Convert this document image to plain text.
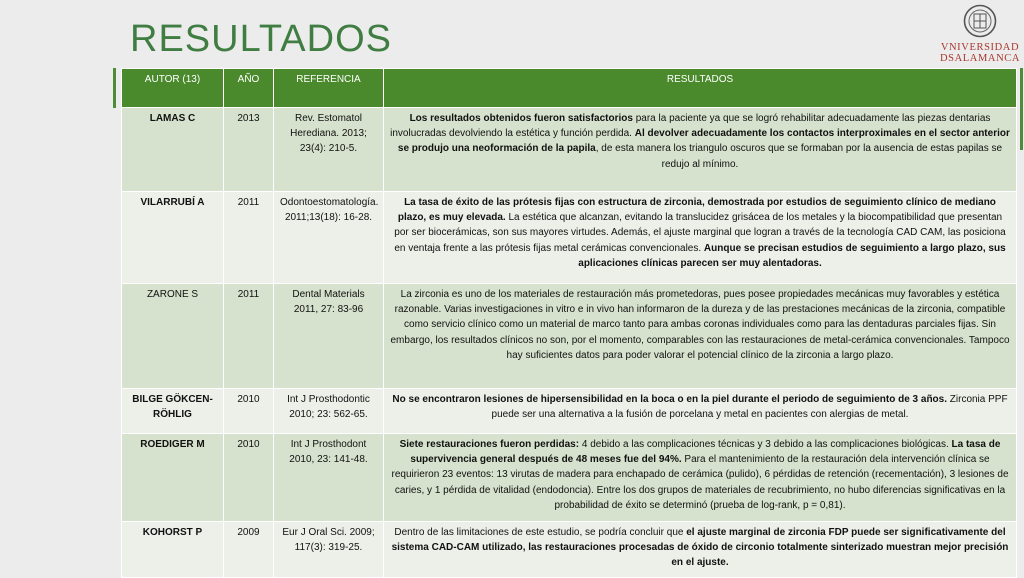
RESULTADOS	VNIVERSIDAD
DSALAMANCA
AUTOR (13)	AÑO	REFERENCIA	RESULTADOS
LAMAS C	2013	Rev. Estomatol Herediana. 2013; 23(4): 210-5.	Los resultados obtenidos fueron satisfactorios para la paciente ya que se logró rehabilitar adecuadamente las piezas dentarias involucradas devolviendo la estética y función perdida. Al devolver adecuadamente los contactos interproximales en el sector anterior se produjo una neoformación de la papila, de esta manera los triangulo oscuros que se formaban por la ausencia de estas papilas se redujo al mínimo.
VILARRUBÍ A	2011	Odontoestomatología. 2011;13(18): 16-28.	La tasa de éxito de las prótesis fijas con estructura de zirconia, demostrada por estudios de seguimiento clínico de mediano plazo, es muy elevada. La estética que alcanzan, evitando la translucidez grisácea de los metales y la biocompatibilidad que presentan por ser biocerámicas, son sus mayores virtudes. Además, el ajuste marginal que logran a través de la tecnología CAD CAM, las posiciona en ventaja frente a las prótesis fijas metal cerámicas convencionales. Aunque se precisan estudios de seguimiento a largo plazo, sus aplicaciones clínicas parecen ser muy alentadoras.
ZARONE S	2011	Dental Materials 2011, 27: 83-96	La zirconia es uno de los materiales de restauración más prometedoras, pues posee propiedades mecánicas muy favorables y estética razonable. Varias investigaciones in vitro e in vivo han informaron de la dureza y de las prestaciones mecánicas de la zirconia, compatible como servicio clínico como un material de marco tanto para ambas coronas individuales como para las dentaduras parciales fijas. Sin embargo, los resultados clínicos no son, por el momento, comparables con las restauraciones de metal-cerámica convencionales. Tampoco hay suficientes datos para poder valorar el potencial clínico de la zirconia a largo plazo.
BILGE GÖKCEN-RÖHLIG	2010	Int J Prosthodontic 2010; 23: 562-65.	No se encontraron lesiones de hipersensibilidad en la boca o en la piel durante el periodo de seguimiento de 3 años. Zirconia PPF puede ser una alternativa a la fusión de porcelana y metal en pacientes con alergias de metal.
ROEDIGER M	2010	Int J Prosthodont 2010, 23: 141-48.	Siete restauraciones fueron perdidas: 4 debido a las complicaciones técnicas y 3 debido a las complicaciones biológicas. La tasa de supervivencia general después de 48 meses fue del 94%. Para el mantenimiento de la restauración dela intervención clínica se requirieron 23 eventos: 13 virutas de madera para enchapado de cerámica (pulido), 6 pérdidas de retención (recementación), 3 lesiones de caries, y 1 pérdida de vitalidad (endodoncia). Entre los dos grupos de materiales de recubrimiento, no hubo diferencias significativas en la probabilidad de éxito se determinó (prueba de log-rank, p = 0,81).
KOHORST P	2009	Eur J Oral Sci. 2009; 117(3): 319-25.	Dentro de las limitaciones de este estudio, se podría concluir que el ajuste marginal de zirconia FDP puede ser significativamente del sistema CAD-CAM utilizado, las restauraciones procesadas de óxido de circonio totalmente sinterizado muestran mejor precisión en el ajuste.
